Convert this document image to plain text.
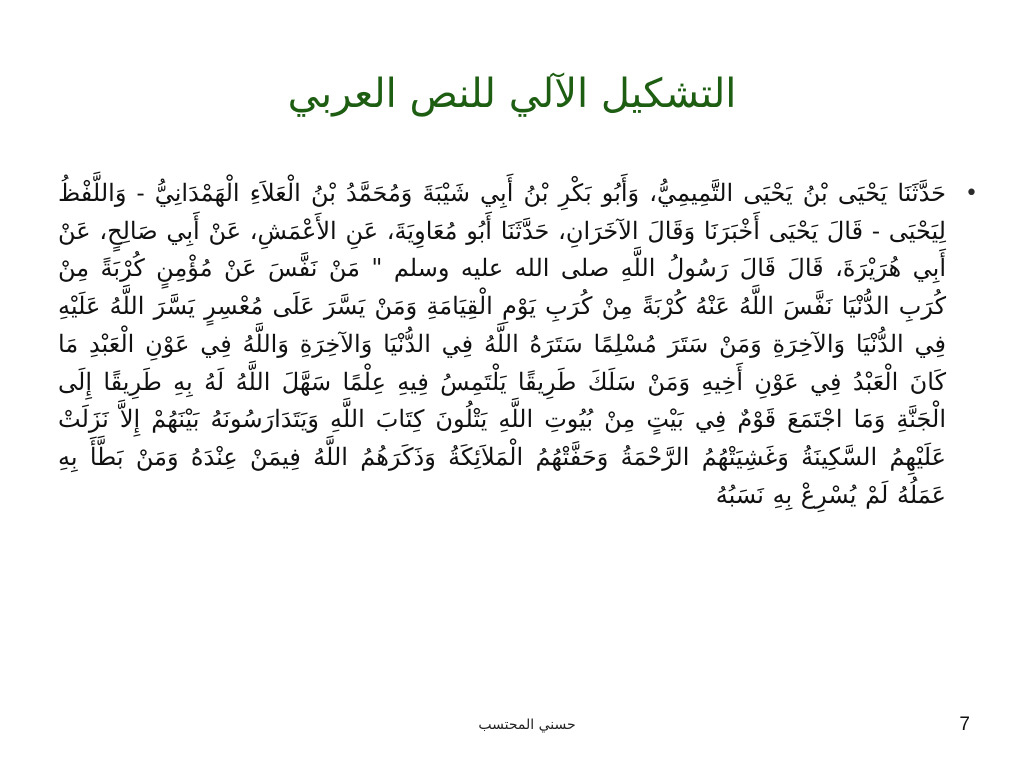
التشكيل الآلي للنص العربي
•

حَدَّثَنَا يَحْيَى بْنُ يَحْيَى التَّمِيمِيُّ، وَأَبُو بَكْرِ بْنُ أَبِي شَيْبَةَ وَمُحَمَّدُ بْنُ الْعَلاَءِ الْهَمْدَانِيُّ - وَاللَّفْظُ لِيَحْيَى - قَالَ يَحْيَى أَخْبَرَنَا وَقَالَ الآخَرَانِ، حَدَّثَنَا أَبُو مُعَاوِيَةَ، عَنِ الأَعْمَشِ، عَنْ أَبِي صَالِحٍ، عَنْ أَبِي هُرَيْرَةَ، قَالَ قَالَ رَسُولُ اللَّهِ صلى الله عليه وسلم " مَنْ نَفَّسَ عَنْ مُؤْمِنٍ كُرْبَةً مِنْ كُرَبِ الدُّنْيَا نَفَّسَ اللَّهُ عَنْهُ كُرْبَةً مِنْ كُرَبِ يَوْمِ الْقِيَامَةِ وَمَنْ يَسَّرَ عَلَى مُعْسِرٍ يَسَّرَ اللَّهُ عَلَيْهِ فِي الدُّنْيَا وَالآخِرَةِ وَمَنْ سَتَرَ مُسْلِمًا سَتَرَهُ اللَّهُ فِي الدُّنْيَا وَالآخِرَةِ وَاللَّهُ فِي عَوْنِ الْعَبْدِ مَا كَانَ الْعَبْدُ فِي عَوْنِ أَخِيهِ وَمَنْ سَلَكَ طَرِيقًا يَلْتَمِسُ فِيهِ عِلْمًا سَهَّلَ اللَّهُ لَهُ بِهِ طَرِيقًا إِلَى الْجَنَّةِ وَمَا اجْتَمَعَ قَوْمٌ فِي بَيْتٍ مِنْ بُيُوتِ اللَّهِ يَتْلُونَ كِتَابَ اللَّهِ وَيَتَدَارَسُونَهُ بَيْنَهُمْ إِلاَّ نَزَلَتْ عَلَيْهِمُ السَّكِينَةُ وَغَشِيَتْهُمُ الرَّحْمَةُ وَحَفَّتْهُمُ الْمَلاَئِكَةُ وَذَكَرَهُمُ اللَّهُ فِيمَنْ عِنْدَهُ وَمَنْ بَطَّأَ بِهِ عَمَلُهُ لَمْ يُسْرِعْ بِهِ نَسَبُهُ

حسني المحتسب	7
